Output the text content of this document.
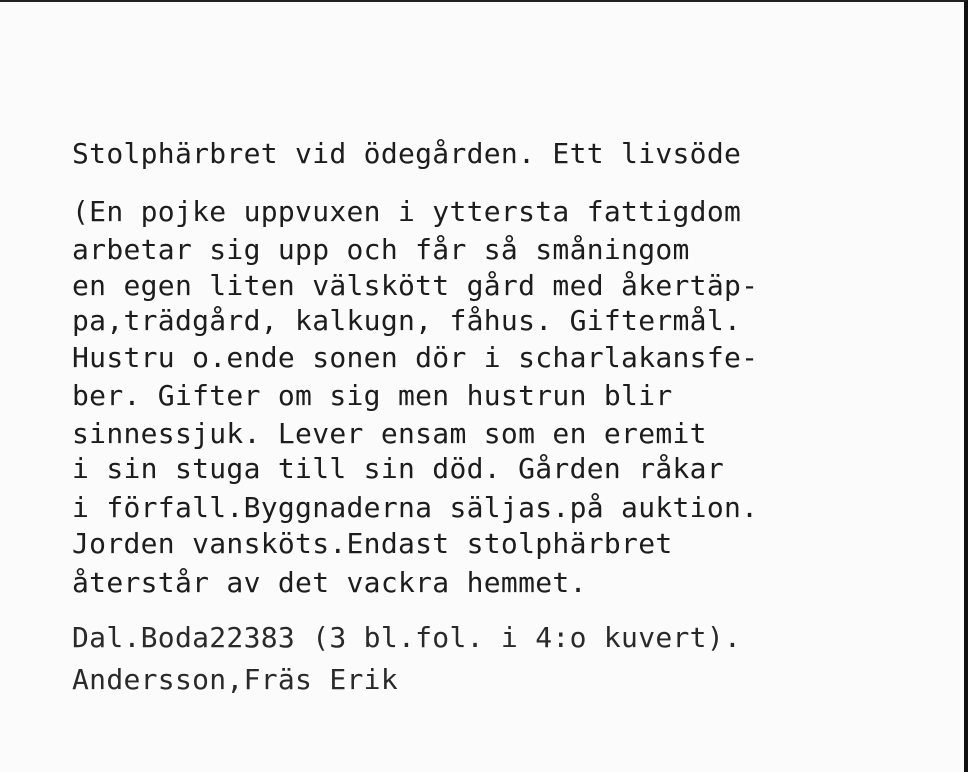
Stolphärbret vid ödegården. Ett livsöde

(En pojke uppvuxen i yttersta fattigdom

arbetar sig upp och får så småningom

en egen liten välskött gård med åkertäp-

pa,trädgård, kalkugn, fåhus. Giftermål.

Hustru o.ende sonen dör i scharlakansfe-

ber. Gifter om sig men hustrun blir

sinnessjuk. Lever ensam som en eremit

i sin stuga till sin död. Gården råkar

i förfall.Byggnaderna säljas.på auktion.

Jorden vansköts.Endast stolphärbret

återstår av det vackra hemmet.

Dal.Boda22383 (3 bl.fol. i 4:o kuvert).

Andersson,Fräs Erik
